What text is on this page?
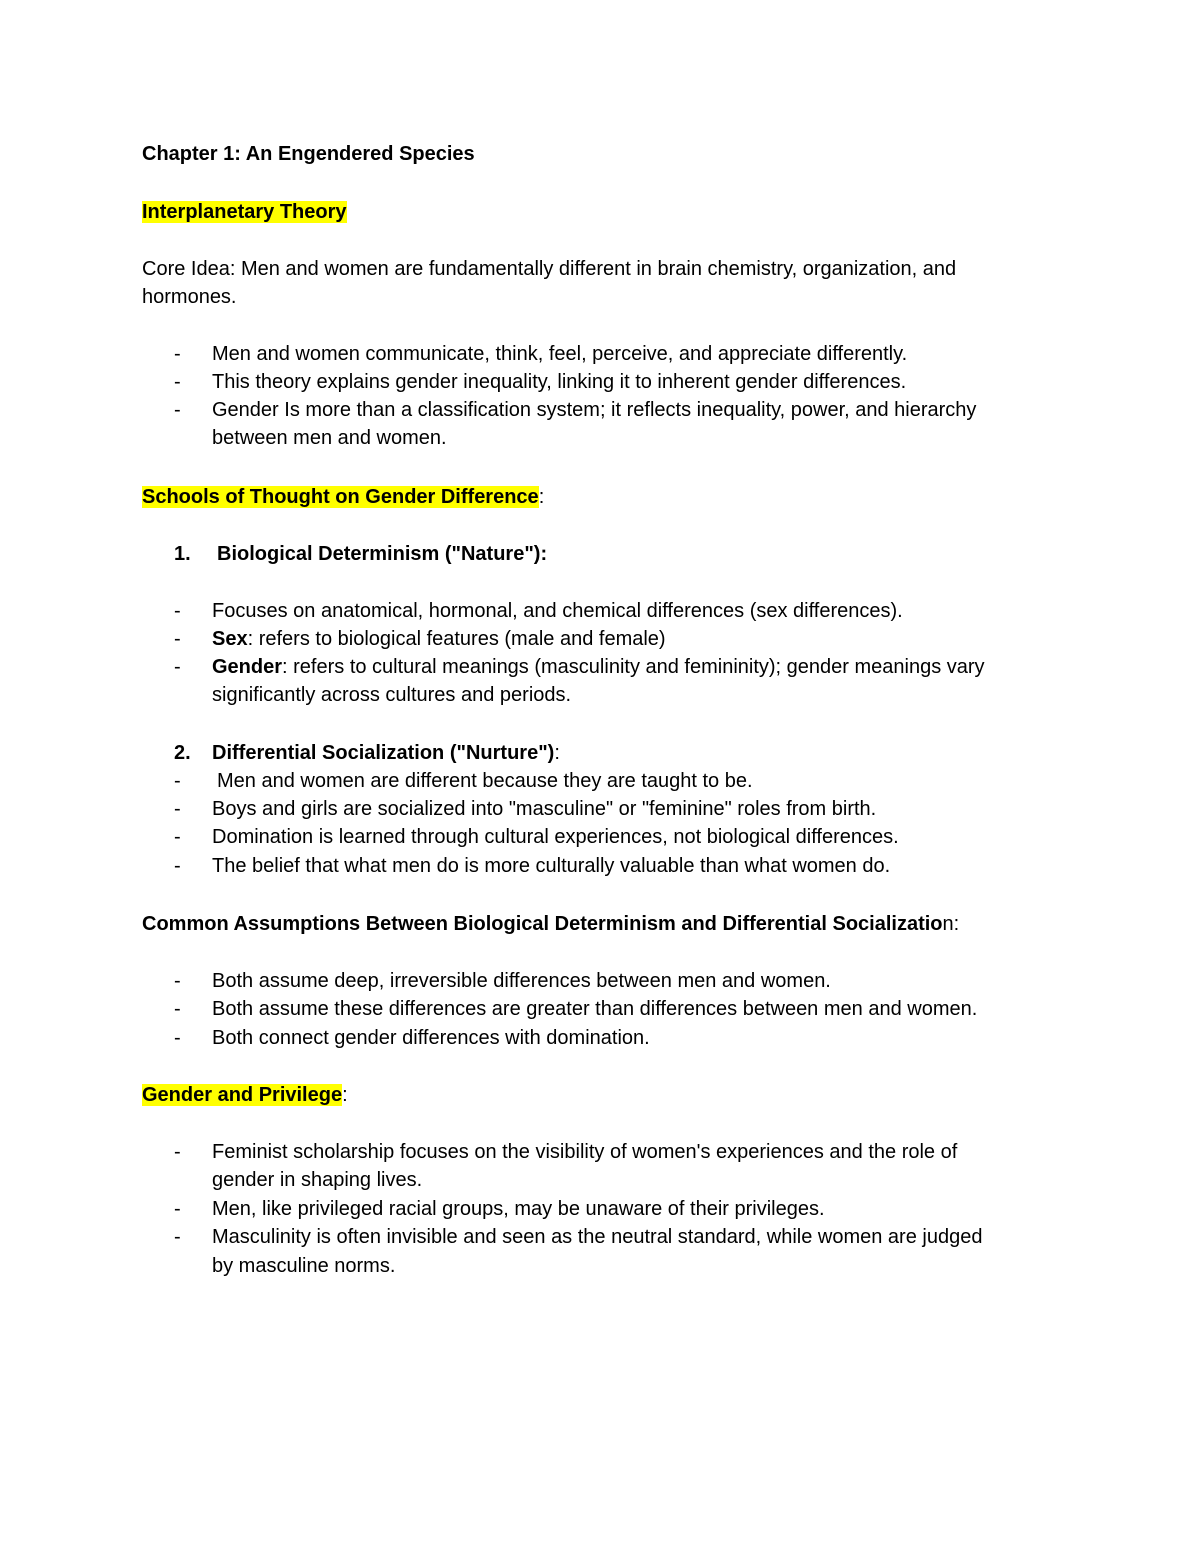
Chapter 1: An Engendered Species
Interplanetary Theory
Core Idea: Men and women are fundamentally different in brain chemistry, organization, and
hormones.
-	Men and women communicate, think, feel, perceive, and appreciate differently.
-	This theory explains gender inequality, linking it to inherent gender differences.
-	Gender Is more than a classification system; it reflects inequality, power, and hierarchy
between men and women.
Schools of Thought on Gender Difference:
1. Biological Determinism ("Nature"):
-	Focuses on anatomical, hormonal, and chemical differences (sex differences).
-	Sex: refers to biological features (male and female)
-	Gender: refers to cultural meanings (masculinity and femininity); gender meanings vary
significantly across cultures and periods.
2. Differential Socialization ("Nurture"):
-	Men and women are different because they are taught to be.
-	Boys and girls are socialized into "masculine" or "feminine" roles from birth.
-	Domination is learned through cultural experiences, not biological differences.
-	The belief that what men do is more culturally valuable than what women do.
Common Assumptions Between Biological Determinism and Differential Socialization:
-	Both assume deep, irreversible differences between men and women.
-	Both assume these differences are greater than differences between men and women.
-	Both connect gender differences with domination.
Gender and Privilege:
-	Feminist scholarship focuses on the visibility of women's experiences and the role of
gender in shaping lives.
-	Men, like privileged racial groups, may be unaware of their privileges.
-	Masculinity is often invisible and seen as the neutral standard, while women are judged
by masculine norms.
